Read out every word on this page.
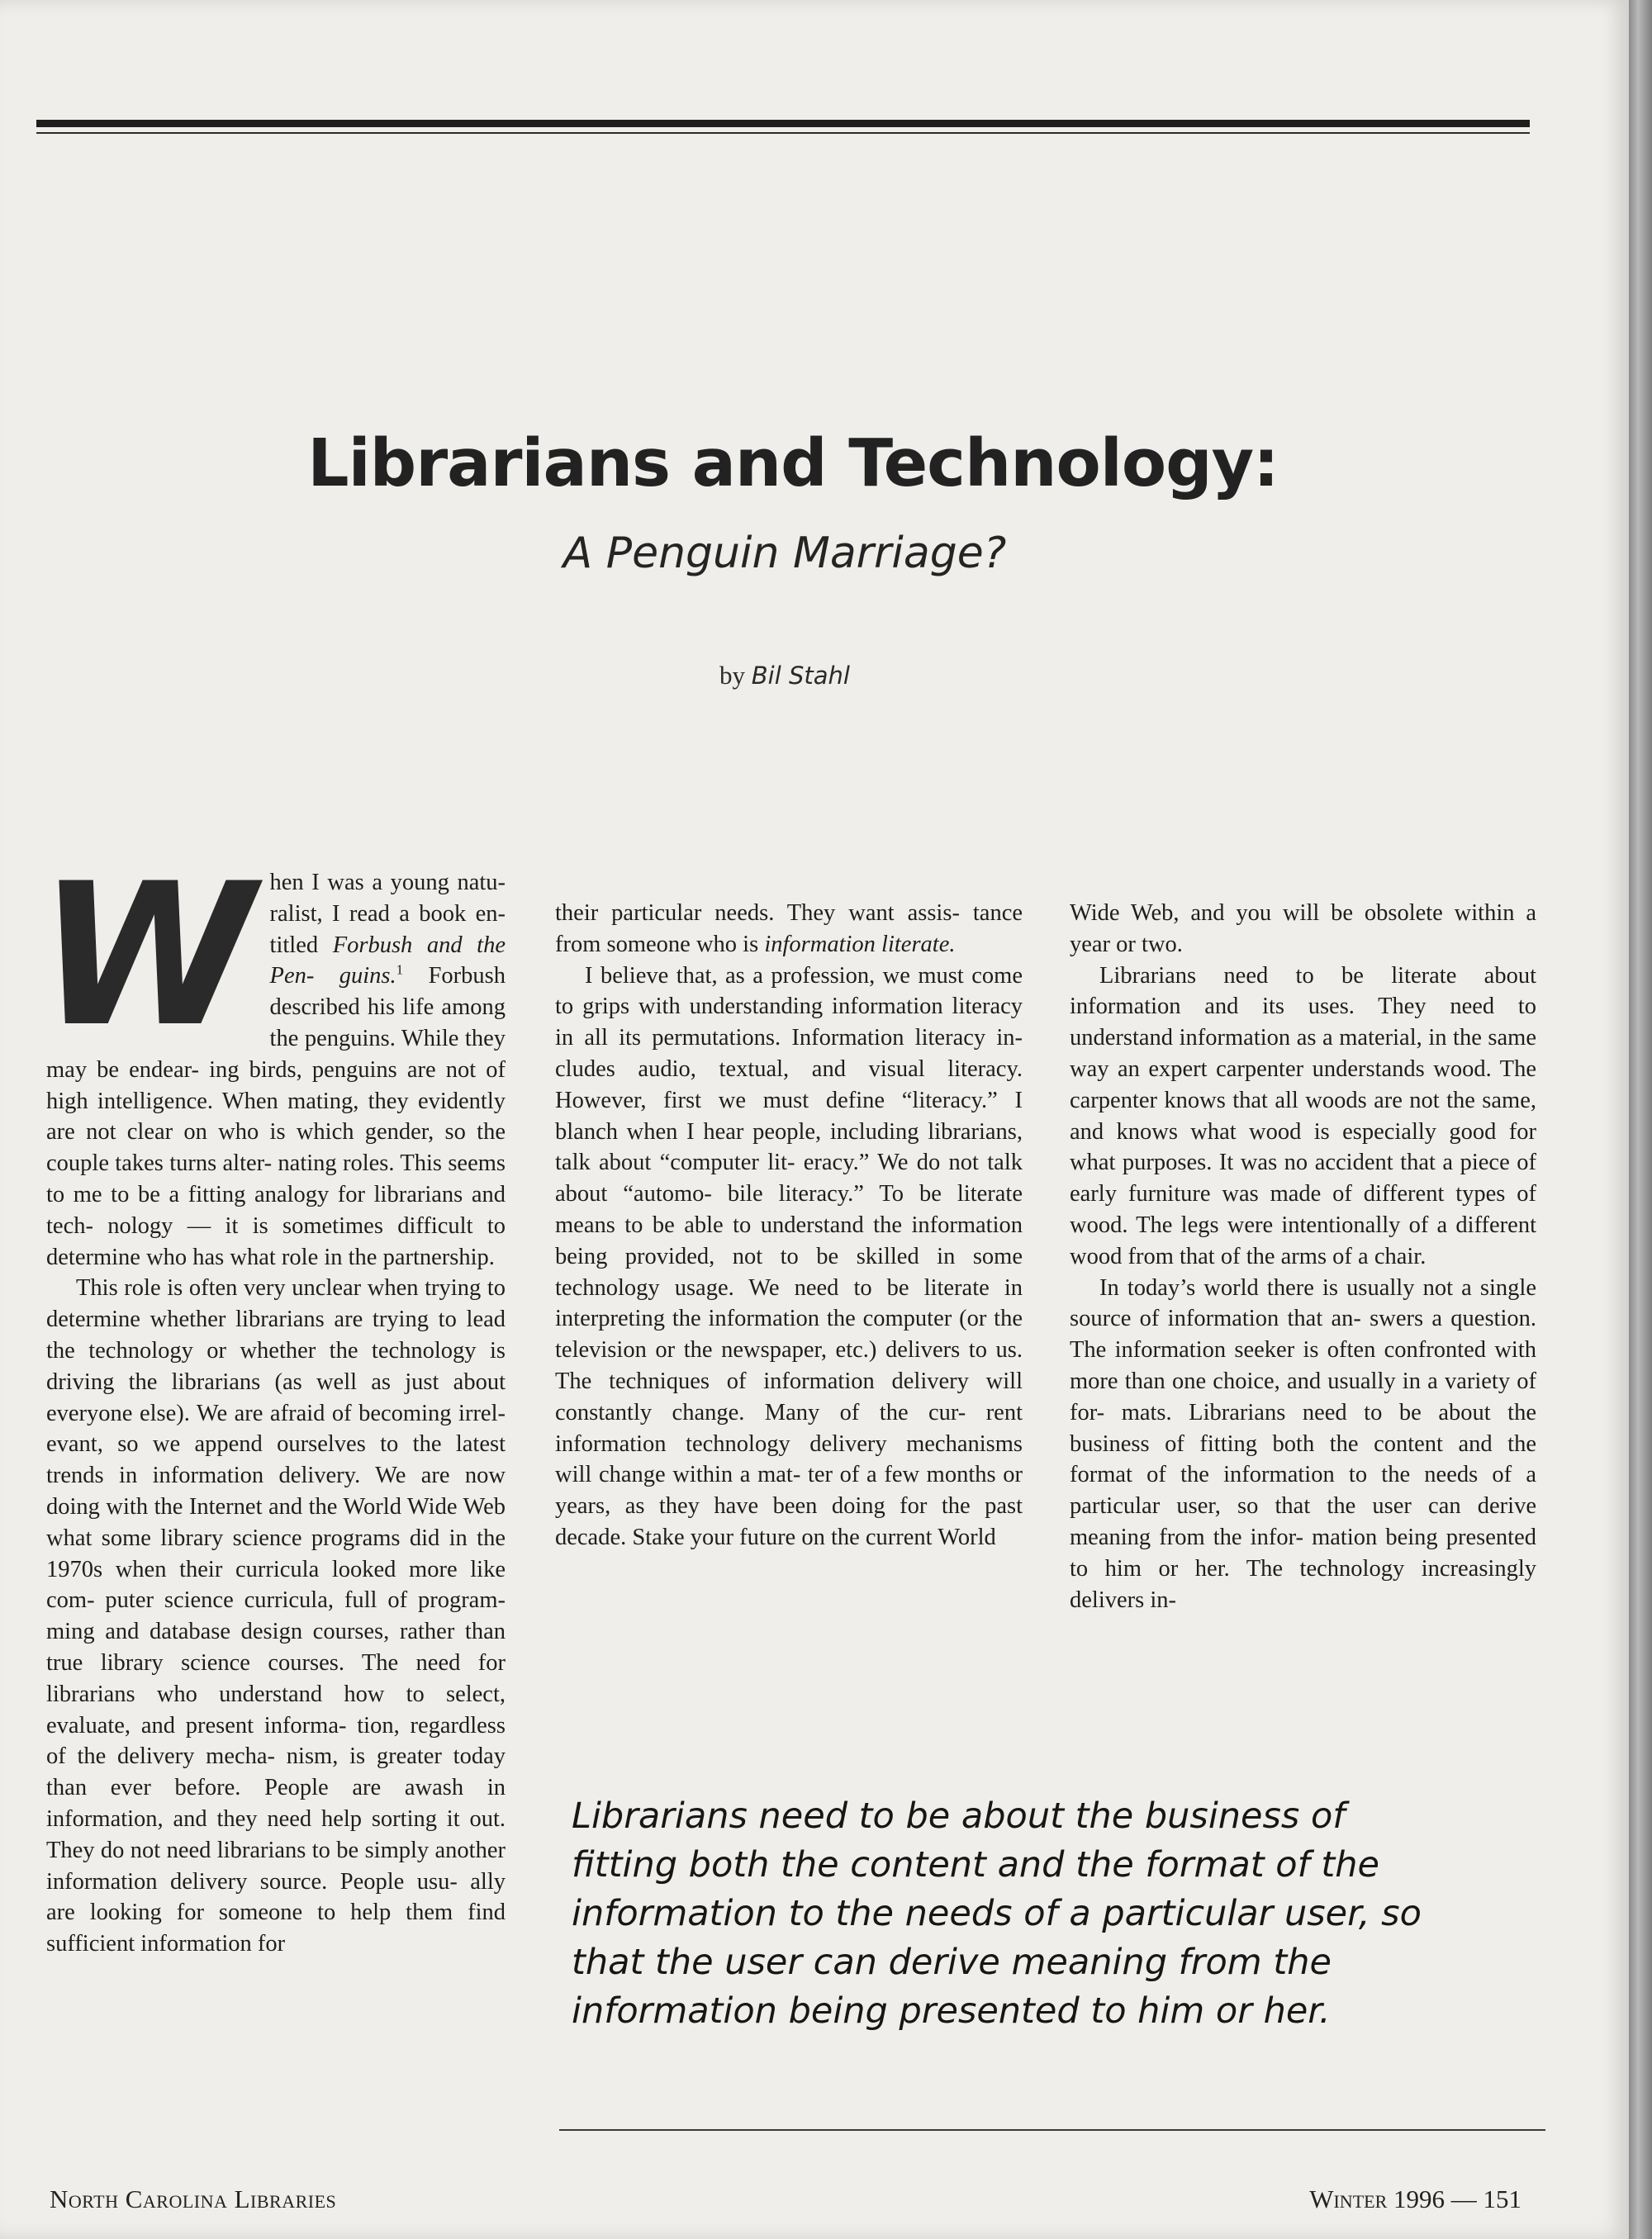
Librarians and Technology:
A Penguin Marriage?
by Bil Stahl
W hen I was a young natu- ralist, I read a book en- titled Forbush and the Pen- guins.$^1$ Forbush described his life among the penguins. While they may be endear- ing birds, penguins are not of high intelligence. When mating, they evidently are not clear on who is which gender, so the couple takes turns alter- nating roles. This seems to me to be a fitting analogy for librarians and tech- nology — it is sometimes difficult to determine who has what role in the partnership.

This role is often very unclear when trying to determine whether librarians are trying to lead the technology or whether the technology is driving the librarians (as well as just about everyone else). We are afraid of becoming irrel- evant, so we append ourselves to the latest trends in information delivery. We are now doing with the Internet and the World Wide Web what some library science programs did in the 1970s when their curricula looked more like com- puter science curricula, full of program- ming and database design courses, rather than true library science courses. The need for librarians who understand how to select, evaluate, and present informa- tion, regardless of the delivery mecha- nism, is greater today than ever before. People are awash in information, and they need help sorting it out. They do not need librarians to be simply another information delivery source. People usu- ally are looking for someone to help them find sufficient information for

their particular needs. They want assis- tance from someone who is information literate.

I believe that, as a profession, we must come to grips with understanding information literacy in all its permutations. Information literacy in- cludes audio, textual, and visual literacy. However, first we must define “literacy.” I blanch when I hear people, including librarians, talk about “computer lit- eracy.” We do not talk about “automo- bile literacy.” To be literate means to be able to understand the information being provided, not to be skilled in some technology usage. We need to be literate in interpreting the information the computer (or the television or the newspaper, etc.) delivers to us. The techniques of information delivery will constantly change. Many of the cur- rent information technology delivery mechanisms will change within a mat- ter of a few months or years, as they have been doing for the past decade. Stake your future on the current World

Wide Web, and you will be obsolete within a year or two.

Librarians need to be literate about information and its uses. They need to understand information as a material, in the same way an expert carpenter understands wood. The carpenter knows that all woods are not the same, and knows what wood is especially good for what purposes. It was no accident that a piece of early furniture was made of different types of wood. The legs were intentionally of a different wood from that of the arms of a chair.

In today’s world there is usually not a single source of information that an- swers a question. The information seeker is often confronted with more than one choice, and usually in a variety of for- mats. Librarians need to be about the business of fitting both the content and the format of the information to the needs of a particular user, so that the user can derive meaning from the infor- mation being presented to him or her. The technology increasingly delivers in-

Librarians need to be about the business of
fitting both the content and the format of the
information to the needs of a particular user, so
that the user can derive meaning from the
information being presented to him or her.
North Carolina Libraries	Winter 1996 — 151
